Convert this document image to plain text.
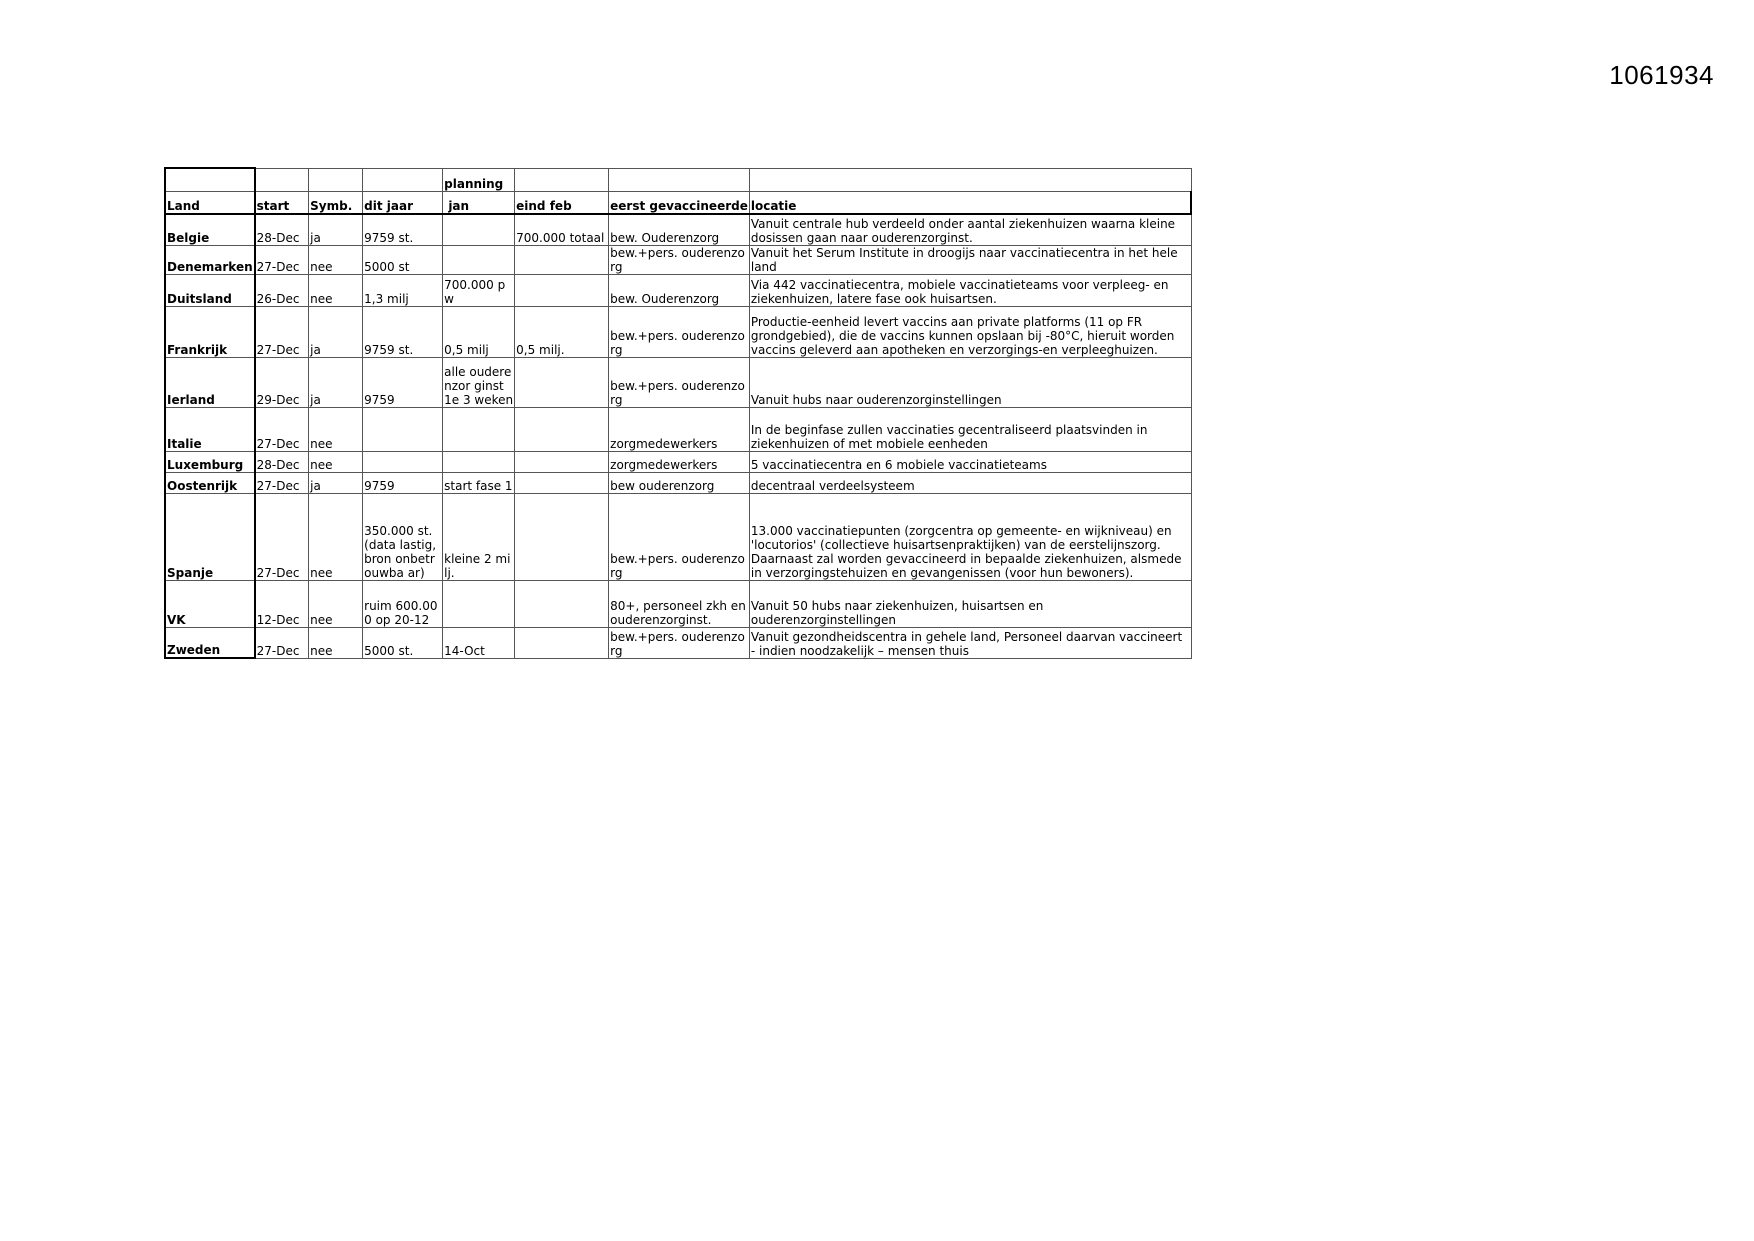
1061934
				planning			
Land	start	Symb.	dit jaar	jan	eind feb	eerst gevaccineerde	locatie
Belgie	28-Dec	ja	9759 st.		700.000 totaal	bew. Ouderenzorg	Vanuit centrale hub verdeeld onder aantal ziekenhuizen waarna kleine dosissen gaan naar ouderenzorginst.
Denemarken	27-Dec	nee	5000 st			bew.+pers. ouderenzorg	Vanuit het Serum Institute in droogijs naar vaccinatiecentra in het hele land
Duitsland	26-Dec	nee	1,3 milj	700.000 pw		bew. Ouderenzorg	Via 442 vaccinatiecentra, mobiele vaccinatieteams voor verpleeg- en ziekenhuizen, latere fase ook huisartsen.
Frankrijk	27-Dec	ja	9759 st.	0,5 milj	0,5 milj.	bew.+pers. ouderenzorg	Productie-eenheid levert vaccins aan private platforms (11 op FR grondgebied), die de vaccins kunnen opslaan bij -80°C, hieruit worden vaccins geleverd aan apotheken en verzorgings-en verpleeghuizen.
Ierland	29-Dec	ja	9759	alle ouderenzor ginst 1e 3 weken		bew.+pers. ouderenzorg	Vanuit hubs naar ouderenzorginstellingen
Italie	27-Dec	nee				zorgmedewerkers	In de beginfase zullen vaccinaties gecentraliseerd plaatsvinden in ziekenhuizen of met mobiele eenheden
Luxemburg	28-Dec	nee				zorgmedewerkers	5 vaccinatiecentra en 6 mobiele vaccinatieteams
Oostenrijk	27-Dec	ja	9759	start fase 1		bew ouderenzorg	decentraal verdeelsysteem
Spanje	27-Dec	nee	350.000 st. (data lastig, bron onbetrouwba ar)	kleine 2 milj.		bew.+pers. ouderenzorg	13.000 vaccinatiepunten (zorgcentra op gemeente- en wijkniveau) en 'locutorios' (collectieve huisartsenpraktijken) van de eerstelijnszorg. Daarnaast zal worden gevaccineerd in bepaalde ziekenhuizen, alsmede in verzorgingstehuizen en gevangenissen (voor hun bewoners).
VK	12-Dec	nee	ruim 600.000 op 20-12			80+, personeel zkh en ouderenzorginst.	Vanuit 50 hubs naar ziekenhuizen, huisartsen en ouderenzorginstellingen
Zweden	27-Dec	nee	5000 st.	14-Oct		bew.+pers. ouderenzorg	Vanuit gezondheidscentra in gehele land, Personeel daarvan vaccineert - indien noodzakelijk – mensen thuis
